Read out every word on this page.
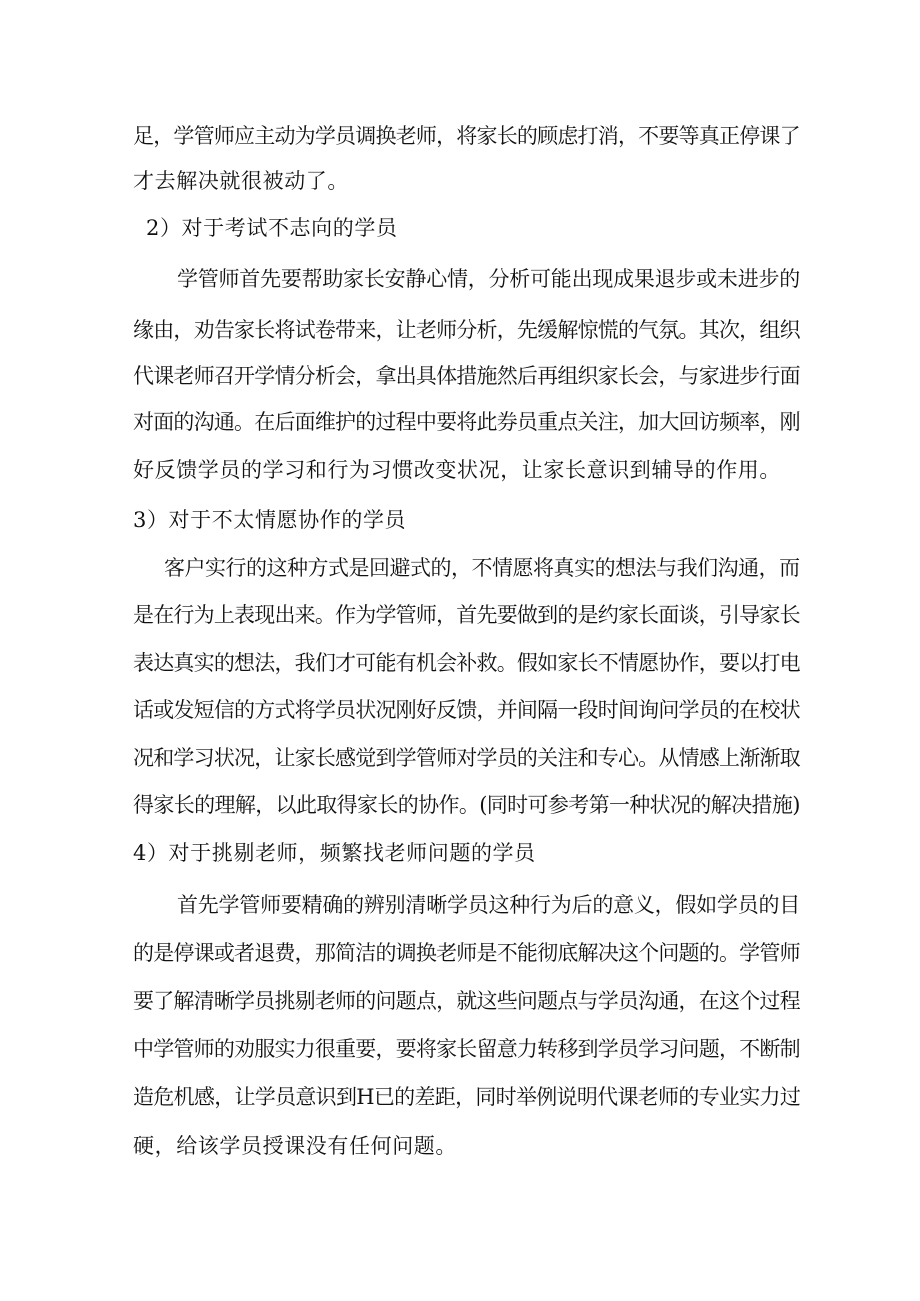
足，学管师应主动为学员调换老师，将家长的顾虑打消，不要等真正停课了
才去解决就很被动了。
2）对于考试不志向的学员
学管师首先要帮助家长安静心情，分析可能出现成果退步或未进步的
缘由，劝告家长将试卷带来，让老师分析，先缓解惊慌的气氛。其次，组织
代课老师召开学情分析会，拿出具体措施然后再组织家长会，与家进步行面
对面的沟通。在后面维护的过程中要将此券员重点关注，加大回访频率，刚
好反馈学员的学习和行为习惯改变状况，让家长意识到辅导的作用。
3）对于不太情愿协作的学员
客户实行的这种方式是回避式的，不情愿将真实的想法与我们沟通，而
是在行为上表现出来。作为学管师，首先要做到的是约家长面谈，引导家长
表达真实的想法，我们才可能有机会补救。假如家长不情愿协作，要以打电
话或发短信的方式将学员状况刚好反馈，并间隔一段时间询问学员的在校状
况和学习状况，让家长感觉到学管师对学员的关注和专心。从情感上渐渐取
得家长的理解，以此取得家长的协作。(同时可参考第一种状况的解决措施)
4）对于挑剔老师，频繁找老师问题的学员
首先学管师要精确的辨别清晰学员这种行为后的意义，假如学员的目
的是停课或者退费，那简洁的调换老师是不能彻底解决这个问题的。学管师
要了解清晰学员挑剔老师的问题点，就这些问题点与学员沟通，在这个过程
中学管师的劝服实力很重要，要将家长留意力转移到学员学习问题，不断制
造危机感，让学员意识到H已的差距，同时举例说明代课老师的专业实力过
硬，给该学员授课没有任何问题。
